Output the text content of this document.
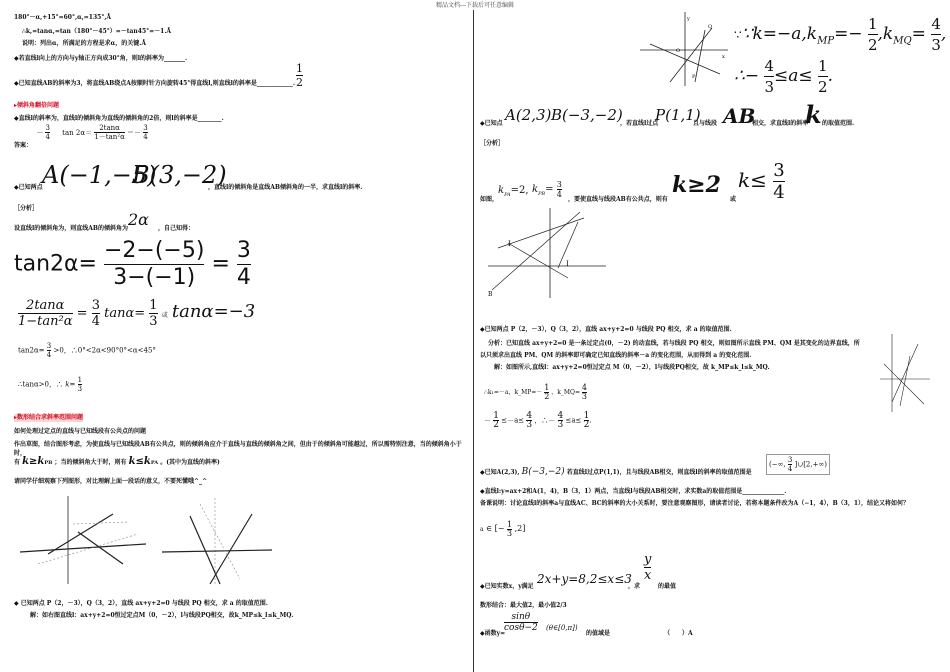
精品文档---下载后可任意编辑
180°－α,+15°=60°,α,=135°,Å
∴k,=tanα,=tan（180°－45°）=－tan45°=－1.Å
说明：列出α，所满足的方程是求α，的关键.Å
◆若直线l向上的方向与y轴正方向成30°角，则l的斜率为_______.
◆已知直线AB的斜率为3，将直线AB绕点A按顺时针方向旋转45°得直线l,则直线l的斜率是____________. $\frac{1}{2}$
▸倾斜角翻倍问题
◆直线l的斜率为，直线l的倾斜角为直线的倾斜角的2倍，则l的斜率是________.
－ $\frac{3}{4}$ $\tan 2\alpha= \frac{2\tan\alpha}{\text{1－tan²α}} =- \frac{3}{4}$
答案：
◆已知两点 A(−1,−5)
B(3,−2)
，直线l的倾斜角是直线AB倾斜角的一半，求直线l的斜率.
［分析］
设直线l的倾斜角为，则直线AB的倾斜角为 2α ，自己知得：
$\tan 2\alpha= \frac{-2-(-5)}{3-(-1)} = \frac{3}{4}$
$\frac{2\tan\alpha}{\text{1−tan²α}} = \frac{3}{4} \tan\alpha= \frac{1}{3}$ 或 tanα=−3
$\tan 2\alpha= \frac{3}{4} >0$，∴0°<2α<90°0°<α<45°
∴tanα>0，∴ $k= \frac{1}{3}$
▸数形结合求斜率范围问题
如何处理过定点的直线与已知线段有公共点的问题
作出草图，结合图形考虑，为使直线与已知线段AB有公共点，则的倾斜角应介于直线与直线的倾斜角之间，但由于的倾斜角可能越过，所以需特别注意，当的倾斜角小于时，
有 k≥kPB ；当的倾斜角大于时，则有 k≤kPA 。(其中为直线的斜率)
请同学仔细观察下列图形，对比理解上面一段话的意义，不要死懂哦^_^
◆ 已知两点 P（2，－3），Q（3，2），直线 ax+y+2=0 与线段 PQ 相交，求 a 的取值范围.
解：如右图直线l：ax+y+2=0恒过定点M（0，－2），l与线段PQ相交，故k_MP≤k_l≤k_MQ.
y
x
Q
O
P
$\because\because k=-a,k_{MP}=- \frac{1}{2} ,k_{MQ}= \frac{4}{3}$ ,
∴− $\frac{4}{3} \le a\le \frac{1}{2}$ .
◆已知点 A(2,3) B(−3,−2)
，若直线l过点
P(1,1)
且与线段 AB
相交，求直线l的斜率
k 的取值范围.
［分析］
如图，
$k_{PA}=2$, $k_{PB}= \frac{3}{4}$
，要使直线与线段AB有公共点，则有
k≥2
或
$k\le \frac{3}{4}$
I
I
B
◆已知两点 P（2，－3），Q（3，2），直线 ax+y+2=0 与线段 PQ 相交，求 a 的取值范围.
分析：已知直线 ax+y+2=0 是一条过定点(0，－2) 的动直线，若与线段 PQ 相交，则如图所示直线 PM、QM 是其变化的边界直线，所
以只须求出直线 PM、QM 的斜率即可确定已知直线的斜率－a 的变化范围，从而得到 a 的变化范围.
解：如图所示,直线l：ax+y+2=0恒过定点 M（0，－2），l与线段PQ相交，故 k_MP≤k_l≤k_MQ.
∴k₁=－a，k_MP=－ $\frac{1}{2}$ ，k_MQ= $\frac{4}{3}$
－ $\frac{1}{2} \le-a\le \frac{4}{3}$ ，∴－ $\frac{4}{3} \le a\le \frac{1}{2}$ .
◆已知A(2,3), B(−3,−2) 若直线l过点P(1,1)，且与线段AB相交，则直线l的斜率的取值范围是
(−∞, $\frac{3}{4}$ ]∪[2,+∞)
◆直线l:y=ax+2和A(1，4)，B（3，1）两点，当直线l与线段AB相交时，求实数a的取值范围是______________.
备课说明：讨论直线l的斜率a与直线AC、BC的斜率的大小关系时，要注意观察图形，请读者讨论，若将本题条件改为A（−1，4），B（3，1），结论又将如何？
a ∈ [− $\frac{1}{3} ,2$]
◆已知实数x，y满足
2x+y=8,2≤x≤3
，求
$\frac{y}{x}$
的最值
数形结合：最大值2，最小值2/3
◆函数y=
$\frac{\sin\theta}{\cos\theta-2}$ (θ∈[0,π])
的值域是	（　　）A
